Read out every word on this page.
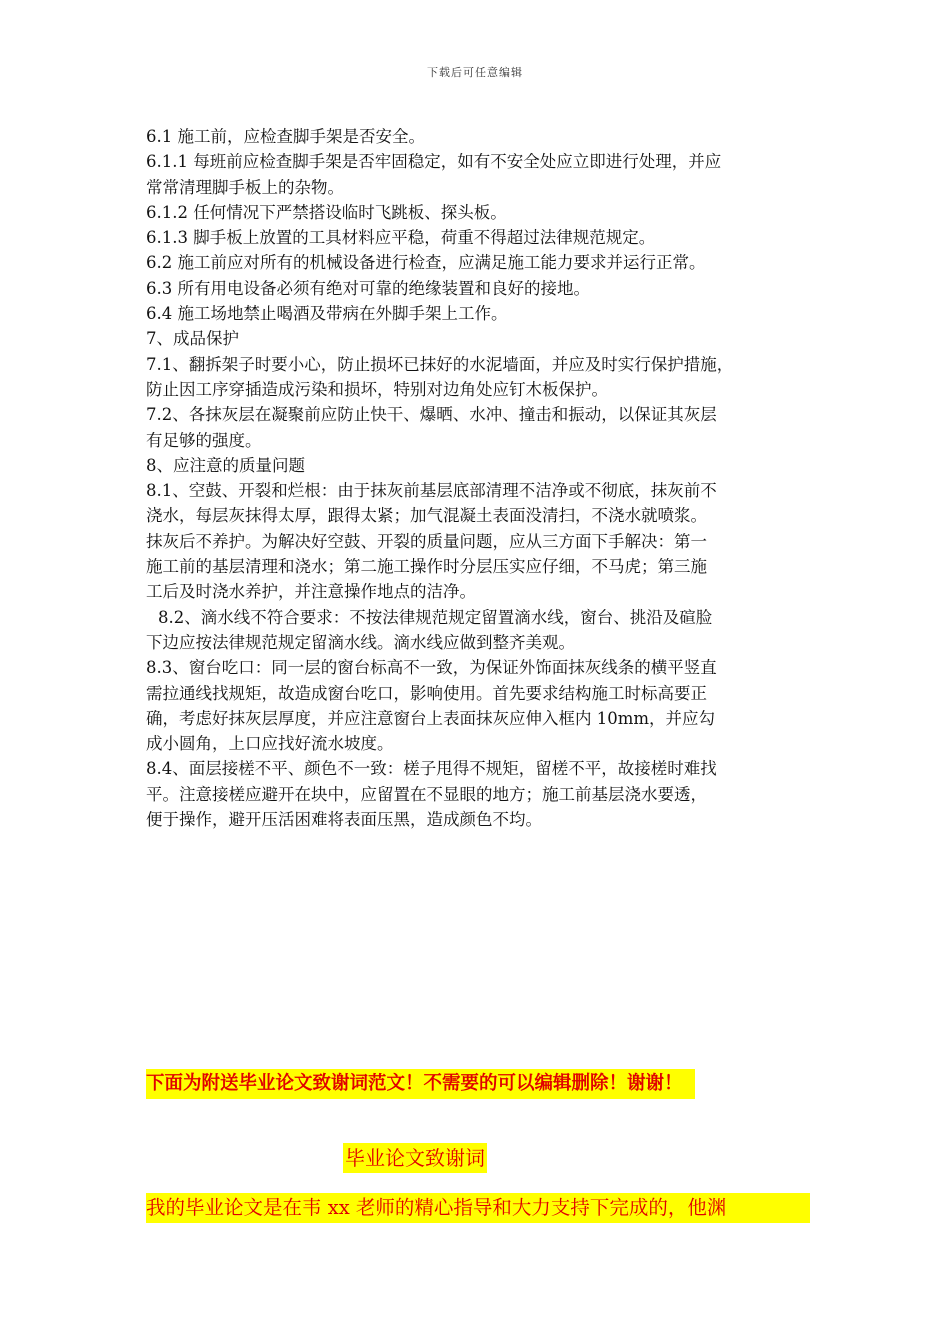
下载后可任意编辑
6.1 施工前，应检查脚手架是否安全。
6.1.1 每班前应检查脚手架是否牢固稳定，如有不安全处应立即进行处理，并应
常常清理脚手板上的杂物。
6.1.2 任何情况下严禁搭设临时飞跳板、探头板。
6.1.3 脚手板上放置的工具材料应平稳，荷重不得超过法律规范规定。
6.2 施工前应对所有的机械设备进行检查，应满足施工能力要求并运行正常。
6.3 所有用电设备必须有绝对可靠的绝缘装置和良好的接地。
6.4 施工场地禁止喝酒及带病在外脚手架上工作。
7、成品保护
7.1、翻拆架子时要小心，防止损坏已抹好的水泥墙面，并应及时实行保护措施，
防止因工序穿插造成污染和损坏，特别对边角处应钉木板保护。
7.2、各抹灰层在凝聚前应防止快干、爆晒、水冲、撞击和振动，以保证其灰层
有足够的强度。
8、应注意的质量问题
8.1、空鼓、开裂和烂根：由于抹灰前基层底部清理不洁净或不彻底，抹灰前不
浇水，每层灰抹得太厚，跟得太紧；加气混凝土表面没清扫，不浇水就喷浆。
抹灰后不养护。为解决好空鼓、开裂的质量问题，应从三方面下手解决：第一
施工前的基层清理和浇水；第二施工操作时分层压实应仔细，不马虎；第三施
工后及时浇水养护，并注意操作地点的洁净。
8.2、滴水线不符合要求：不按法律规范规定留置滴水线，窗台、挑沿及碹脸
下边应按法律规范规定留滴水线。滴水线应做到整齐美观。
8.3、窗台吃口：同一层的窗台标高不一致，为保证外饰面抹灰线条的横平竖直
需拉通线找规矩，故造成窗台吃口，影响使用。首先要求结构施工时标高要正
确，考虑好抹灰层厚度，并应注意窗台上表面抹灰应伸入框内 10mm，并应勾
成小圆角，上口应找好流水坡度。
8.4、面层接槎不平、颜色不一致：槎子甩得不规矩，留槎不平，故接槎时难找
平。注意接槎应避开在块中，应留置在不显眼的地方；施工前基层浇水要透，
便于操作，避开压活困难将表面压黑，造成颜色不均。
下面为附送毕业论文致谢词范文！不需要的可以编辑删除！谢谢！
毕业论文致谢词
我的毕业论文是在韦 xx 老师的精心指导和大力支持下完成的，他渊
